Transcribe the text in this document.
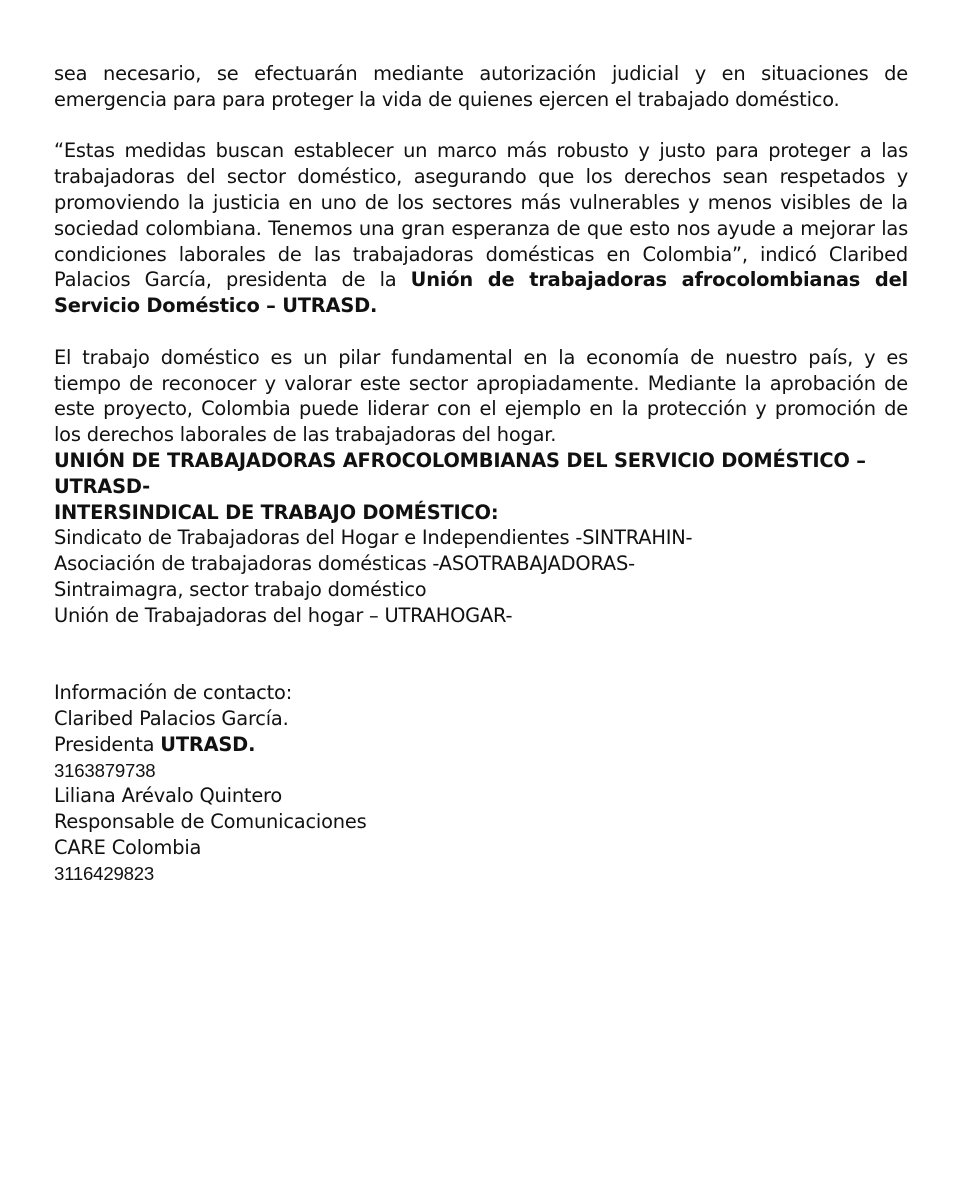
sea necesario, se efectuarán mediante autorización judicial y en situaciones de emergencia para para proteger la vida de quienes ejercen el trabajado doméstico.

“Estas medidas buscan establecer un marco más robusto y justo para proteger a las trabajadoras del sector doméstico, asegurando que los derechos sean respetados y promoviendo la justicia en uno de los sectores más vulnerables y menos visibles de la sociedad colombiana. Tenemos una gran esperanza de que esto nos ayude a mejorar las condiciones laborales de las trabajadoras domésticas en Colombia”, indicó Claribed Palacios García, presidenta de la Unión de trabajadoras afrocolombianas del Servicio Doméstico – UTRASD.

El trabajo doméstico es un pilar fundamental en la economía de nuestro país, y es tiempo de reconocer y valorar este sector apropiadamente. Mediante la aprobación de este proyecto, Colombia puede liderar con el ejemplo en la protección y promoción de los derechos laborales de las trabajadoras del hogar.

UNIÓN DE TRABAJADORAS AFROCOLOMBIANAS DEL SERVICIO DOMÉSTICO – UTRASD-

INTERSINDICAL DE TRABAJO DOMÉSTICO:

Sindicato de Trabajadoras del Hogar e Independientes -SINTRAHIN-

Asociación de trabajadoras domésticas -ASOTRABAJADORAS-

Sintraimagra, sector trabajo doméstico

Unión de Trabajadoras del hogar – UTRAHOGAR-

Información de contacto:

Claribed Palacios García.

Presidenta UTRASD.

3163879738

Liliana Arévalo Quintero

Responsable de Comunicaciones

CARE Colombia

3116429823
